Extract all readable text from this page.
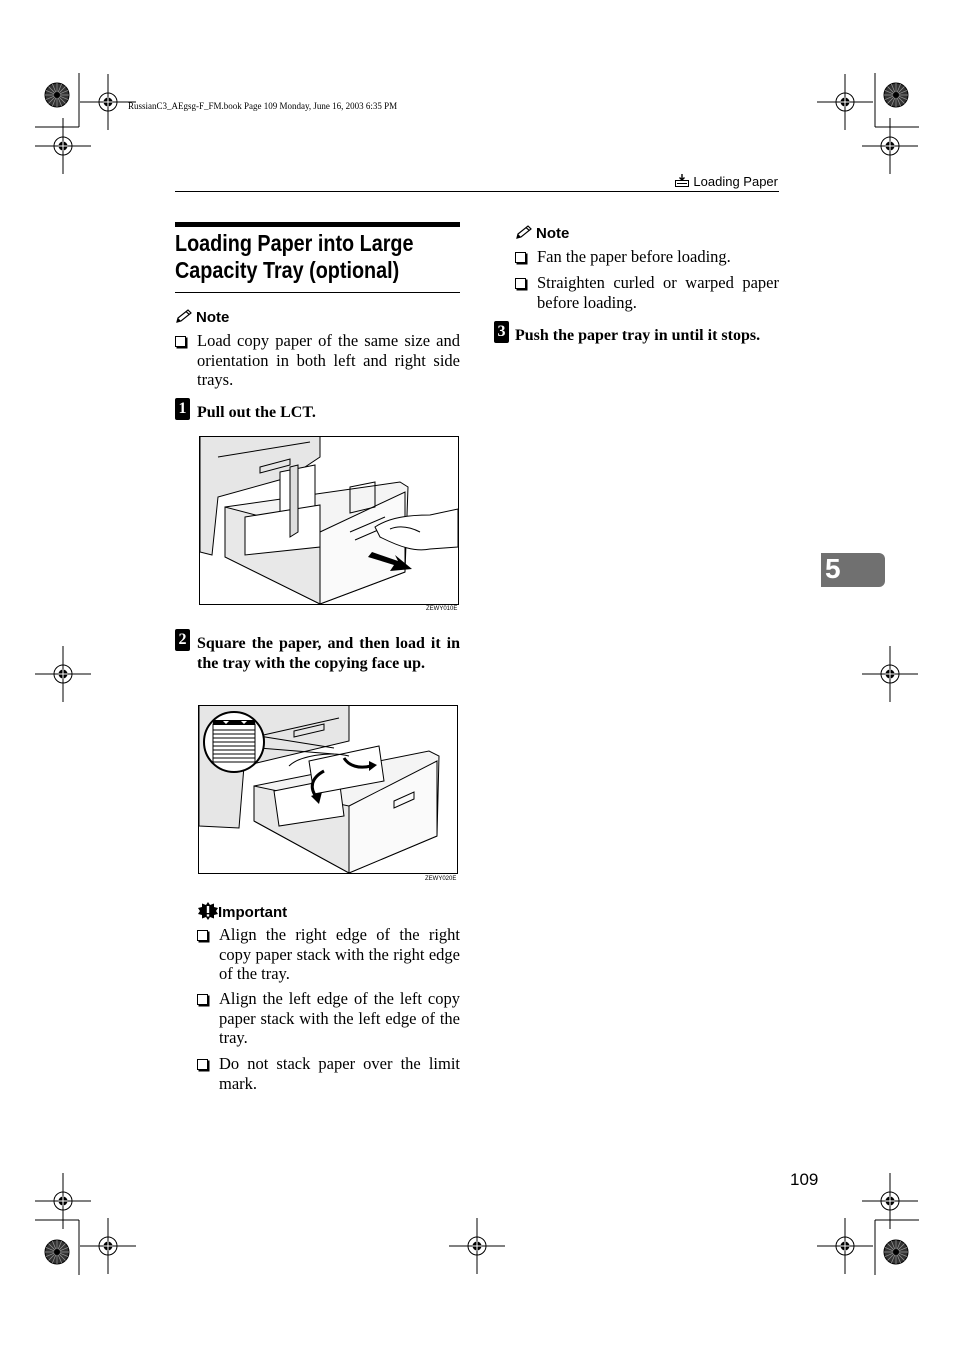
RussianC3_AEgsg-F_FM.book Page 109 Monday, June 16, 2003 6:35 PM
Loading Paper
Loading Paper into Large Capacity Tray (optional)
Note
Load copy paper of the same size and orientation in both left and right side trays.
1 Pull out the LCT.
ZEWY010E
2 Square the paper, and then load it in the tray with the copying face up.
ZEWY020E
Important
Align the right edge of the right copy paper stack with the right edge of the tray.
Align the left edge of the left copy paper stack with the left edge of the tray.
Do not stack paper over the limit mark.
Note
Fan the paper before loading.
Straighten curled or warped paper before loading.
3 Push the paper tray in until it stops.
5
109
